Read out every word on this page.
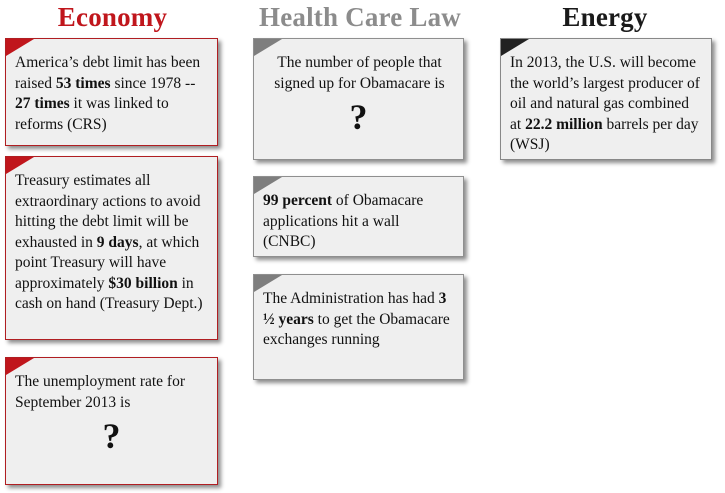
Economy	Health Care Law	Energy
America’s debt limit has been raised 53 times since 1978 -- 27 times it was linked to reforms (CRS)
Treasury estimates all extraordinary actions to avoid hitting the debt limit will be exhausted in 9 days, at which point Treasury will have approximately $30 billion in cash on hand (Treasury Dept.)
The unemployment rate for September 2013 is
?
The number of people that signed up for Obamacare is
?
99 percent of Obamacare applications hit a wall (CNBC)
The Administration has had 3 ½ years to get the Obamacare exchanges running
In 2013, the U.S. will become the world’s largest producer of oil and natural gas combined at 22.2 million barrels per day (WSJ)
